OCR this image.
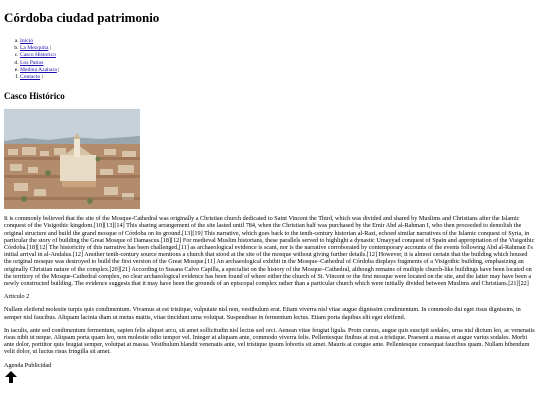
Córdoba ciudad patrimonio
a. Inicio
b. La Mezquita |
c. Casco Historico
d. Los Patios
e. Medina Azahara |
f. Contacto |
Casco Histórico

It is commonly believed that the site of the Mosque-Cathedral was originally a Christian church dedicated to Saint Vincent the Third, which was divided and shared by Muslims and Christians after the Islamic conquest of the Visigothic kingdom.[10][13][14] This sharing arrangement of the site lasted until 784, when the Christian half was purchased by the Emir Abd al-Rahman I, who then proceeded to demolish the original structure and build the grand mosque of Córdoba on its ground.[13][19] This narrative, which goes back to the tenth-century historian al-Razi, echoed similar narratives of the Islamic conquest of Syria, in particular the story of building the Great Mosque of Damascus.[18][12] For medieval Muslim historians, these parallels served to highlight a dynastic Umayyad conquest of Spain and appropriation of the Visigothic Córdoba.[18][12] The historicity of this narrative has been challenged,[11] as archaeological evidence is scant, nor is the narrative corroborated by contemporary accounts of the events following Abd al-Rahman I's initial arrival in al-Andalus.[12] Another tenth-century source mentions a church that stood at the site of the mosque without giving further details.[12] However, it is almost certain that the building which housed the original mosque was destroyed to build the first version of the Great Mosque.[11] An archaeological exhibit in the Mosque–Cathedral of Córdoba displays fragments of a Visigothic building, emphasizing an originally Christian nature of the complex.[20][21] According to Susana Calvo Capilla, a specialist on the history of the Mosque–Cathedral, although remains of multiple church-like buildings have been located on the territory of the Mosque-Cathedral complex, no clear archaeological evidence has been found of where either the church of St. Vincent or the first mosque were located on the site, and the latter may have been a newly constructed building. The evidence suggests that it may have been the grounds of an episcopal complex rather than a particular church which were initially divided between Muslims and Christians.[21][22]

Articulo 2

Nullam eleifend molestie turpis quis condimentum. Vivamus at est tristique, vulputate nisl non, vestibulum erat. Etiam viverra nisl vitae augue dignissim condimentum. In commodo dui eget risus dignissim, in semper nisl faucibus. Aliquam lacinia diam ut metus mattis, vitae tincidunt urna volutpat. Suspendisse in fermentum lectus. Etiam porta dapibus elit eget eleifend.

In iaculis, ante sed condimentum fermentum, sapien felis aliquet arcu, sit amet sollicitudin nisl lectus sed orci. Aenean vitae feugiat ligula. Proin cursus, augue quis suscipit sodales, urna nisl dictum leo, ac venenatis risus nibh ut neque. Aliquam porta quam leo, non molestie odio tempor vel. Integer at aliquam ante, commodo viverra felis. Pellentesque finibus at erat a tristique. Praesent a massa et augue varius sodales. Morbi ante dolor, porttitor quis feugiat semper, volutpat at massa. Vestibulum blandit venenatis ante, vel tristique ipsum lobortis sit amet. Mauris at congue ante. Pellentesque consequat faucibus quam. Nullam bibendum velit dolor, ut luctus risus fringilla sit amet.

Agenda Publicidad
